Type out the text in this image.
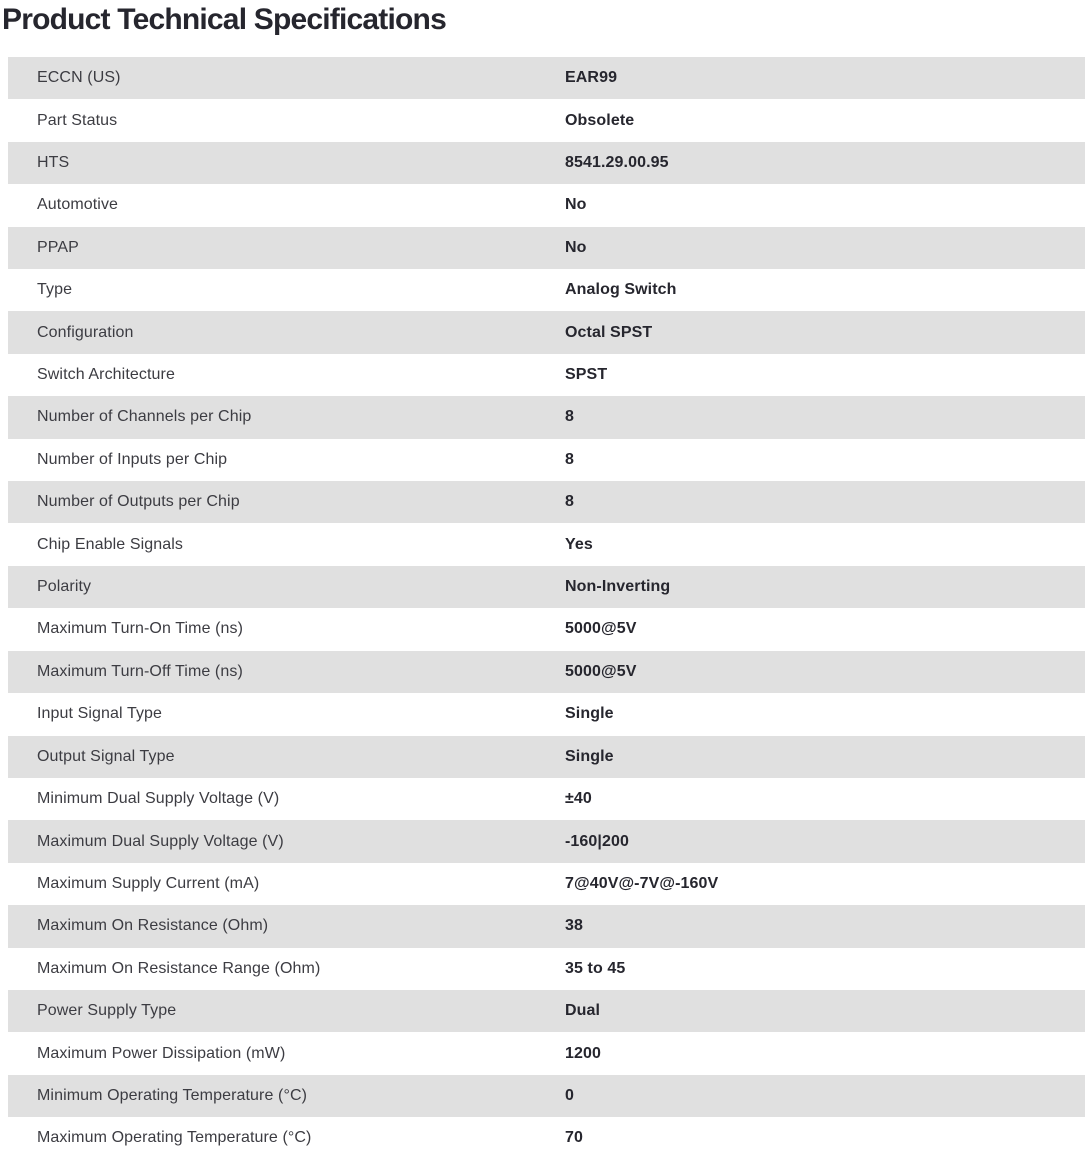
Product Technical Specifications
ECCN (US)	EAR99
Part Status	Obsolete
HTS	8541.29.00.95
Automotive	No
PPAP	No
Type	Analog Switch
Configuration	Octal SPST
Switch Architecture	SPST
Number of Channels per Chip	8
Number of Inputs per Chip	8
Number of Outputs per Chip	8
Chip Enable Signals	Yes
Polarity	Non-Inverting
Maximum Turn-On Time (ns)	5000@5V
Maximum Turn-Off Time (ns)	5000@5V
Input Signal Type	Single
Output Signal Type	Single
Minimum Dual Supply Voltage (V)	±40
Maximum Dual Supply Voltage (V)	-160|200
Maximum Supply Current (mA)	7@40V@-7V@-160V
Maximum On Resistance (Ohm)	38
Maximum On Resistance Range (Ohm)	35 to 45
Power Supply Type	Dual
Maximum Power Dissipation (mW)	1200
Minimum Operating Temperature (°C)	0
Maximum Operating Temperature (°C)	70
